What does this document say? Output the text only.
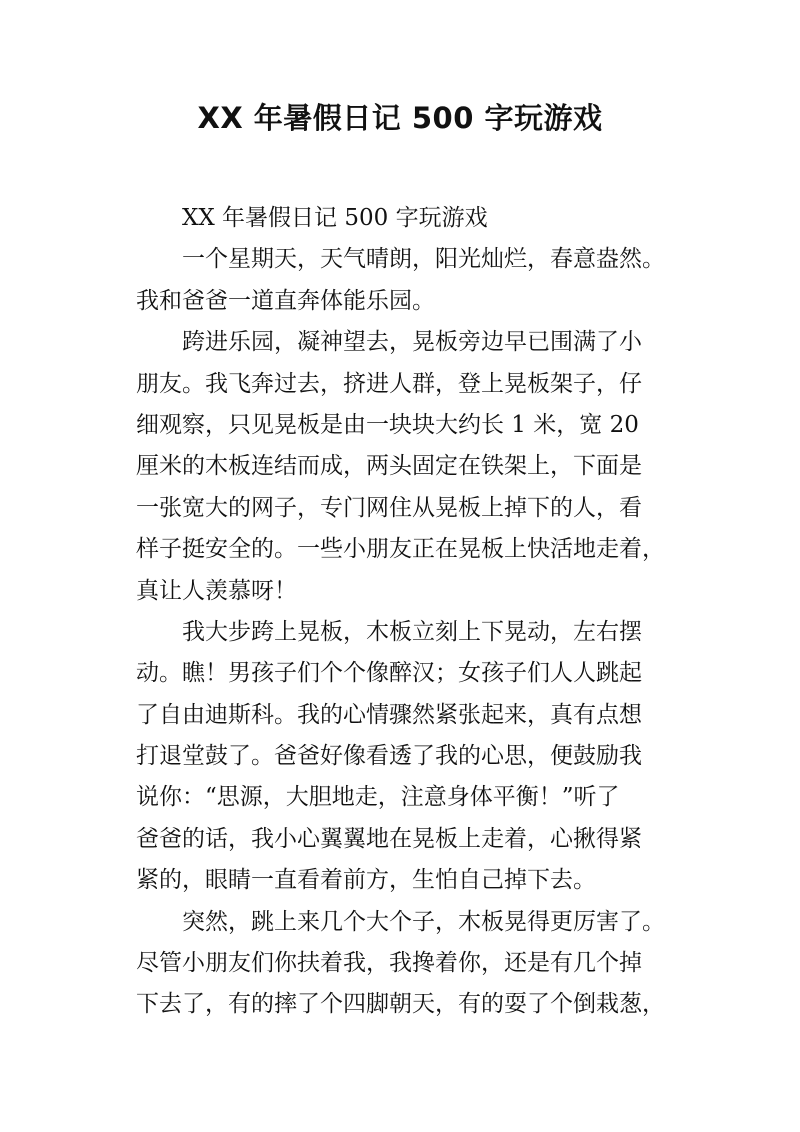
XX 年暑假日记 500 字玩游戏

XX 年暑假日记 500 字玩游戏

一个星期天，天气晴朗，阳光灿烂，春意盎然。
我和爸爸一道直奔体能乐园。

跨进乐园，凝神望去，晃板旁边早已围满了小
朋友。我飞奔过去，挤进人群，登上晃板架子，仔
细观察，只见晃板是由一块块大约长 1 米，宽 20
厘米的木板连结而成，两头固定在铁架上，下面是
一张宽大的网子，专门网住从晃板上掉下的人，看
样子挺安全的。一些小朋友正在晃板上快活地走着，
真让人羡慕呀！

我大步跨上晃板，木板立刻上下晃动，左右摆
动。瞧！男孩子们个个像醉汉；女孩子们人人跳起
了自由迪斯科。我的心情骤然紧张起来，真有点想
打退堂鼓了。爸爸好像看透了我的心思，便鼓励我
说你：“思源，大胆地走，注意身体平衡！”听了
爸爸的话，我小心翼翼地在晃板上走着，心揪得紧
紧的，眼睛一直看着前方，生怕自己掉下去。

突然，跳上来几个大个子，木板晃得更厉害了。
尽管小朋友们你扶着我，我搀着你，还是有几个掉
下去了，有的摔了个四脚朝天，有的耍了个倒栽葱，
